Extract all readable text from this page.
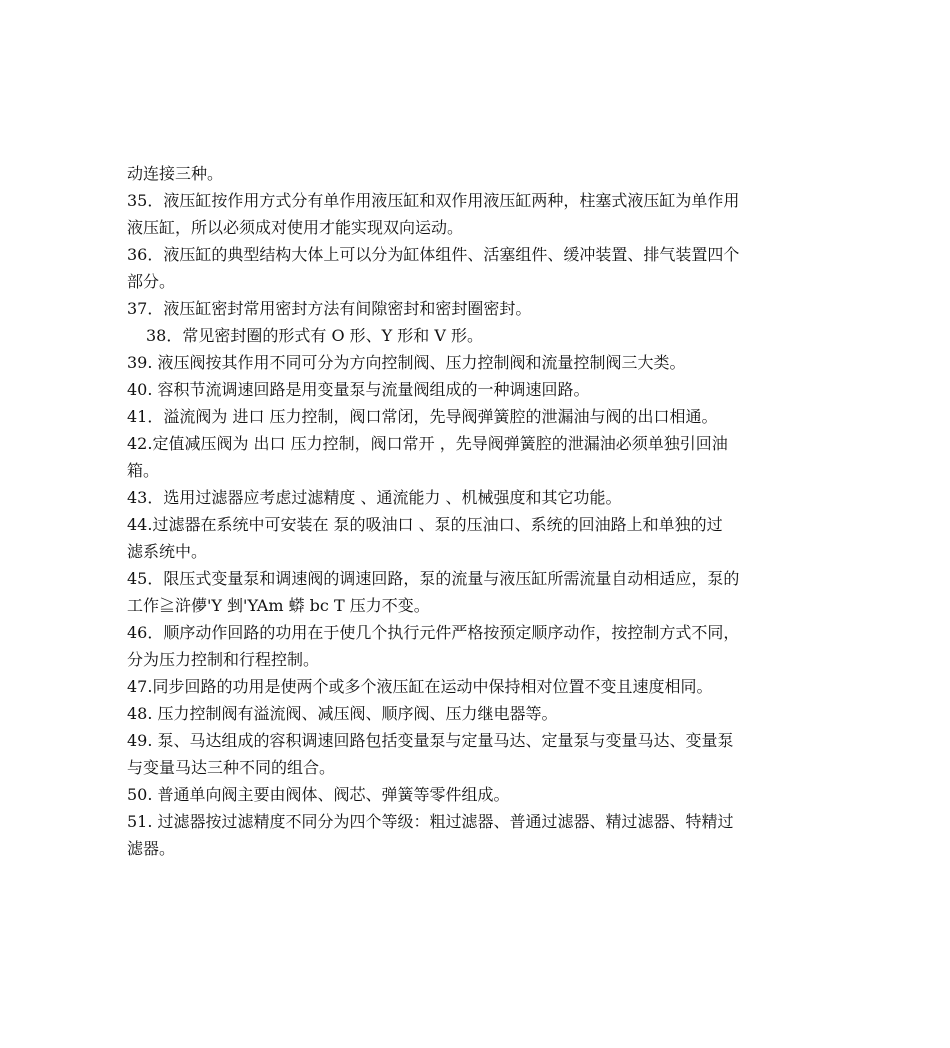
动连接三种。
35．液压缸按作用方式分有单作用液压缸和双作用液压缸两种，柱塞式液压缸为单作用
液压缸，所以必须成对使用才能实现双向运动。
36．液压缸的典型结构大体上可以分为缸体组件、活塞组件、缓冲装置、排气装置四个
部分。
37．液压缸密封常用密封方法有间隙密封和密封圈密封。
38．常见密封圈的形式有 O 形、Y 形和 V 形。
39. 液压阀按其作用不同可分为方向控制阀、压力控制阀和流量控制阀三大类。
40. 容积节流调速回路是用变量泵与流量阀组成的一种调速回路。
41．溢流阀为 进口 压力控制，阀口常闭，先导阀弹簧腔的泄漏油与阀的出口相通。
42.定值减压阀为 出口 压力控制，阀口常开 ，先导阀弹簧腔的泄漏油必须单独引回油
箱。
43．选用过滤器应考虑过滤精度 、通流能力 、机械强度和其它功能。
44.过滤器在系统中可安装在 泵的吸油口 、泵的压油口、系统的回油路上和单独的过
滤系统中。
45．限压式变量泵和调速阀的调速回路，泵的流量与液压缸所需流量自动相适应，泵的
工作≧浒儚'Y 剉'YAm 蟒 bc T 压力不变。
46．顺序动作回路的功用在于使几个执行元件严格按预定顺序动作，按控制方式不同，
分为压力控制和行程控制。
47.同步回路的功用是使两个或多个液压缸在运动中保持相对位置不变且速度相同。
48. 压力控制阀有溢流阀、减压阀、顺序阀、压力继电器等。
49. 泵、马达组成的容积调速回路包括变量泵与定量马达、定量泵与变量马达、变量泵
与变量马达三种不同的组合。
50. 普通单向阀主要由阀体、阀芯、弹簧等零件组成。
51. 过滤器按过滤精度不同分为四个等级：粗过滤器、普通过滤器、精过滤器、特精过
滤器。
